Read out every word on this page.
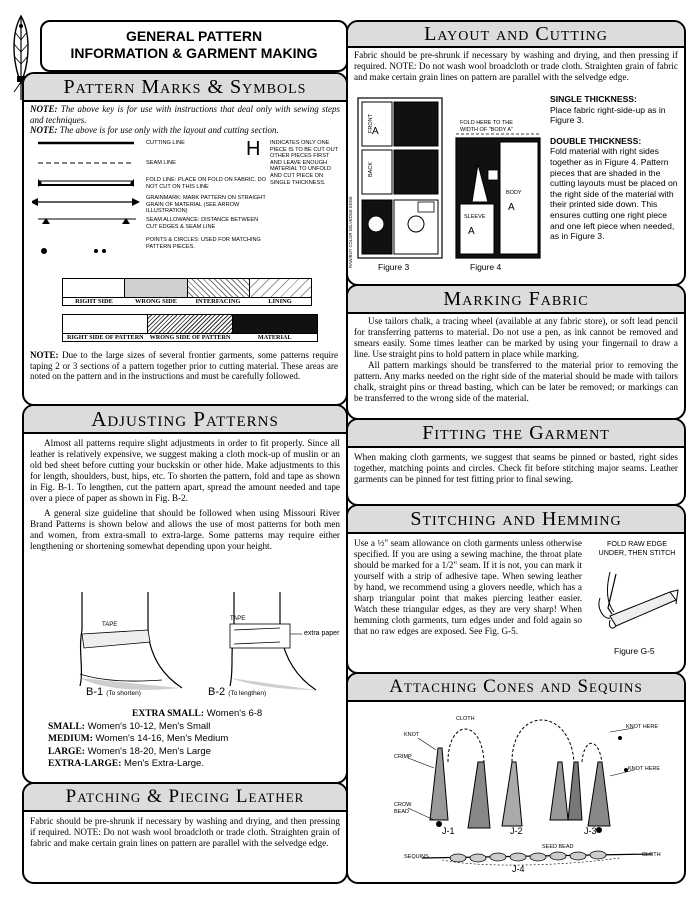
GENERAL PATTERN
INFORMATION & GARMENT MAKING
Pattern Marks & Symbols
NOTE: The above key is for use with instructions that deal only with sewing steps and techniques.
NOTE: The above is for use only with the layout and cutting section.
CUTTING LINE
SEAM LINE
FOLD LINE: PLACE ON FOLD ON FABRIC. DO NOT CUT ON THIS LINE
GRAINMARK: MARK PATTERN ON STRAIGHT GRAIN OF MATERIAL (SEE ARROW ILLUSTRATION)
SEAM ALLOWANCE: DISTANCE BETWEEN CUT EDGES & SEAM LINE
POINTS & CIRCLES: USED FOR MATCHING PATTERN PIECES.
H INDICATES ONLY ONE PIECE IS TO BE CUT OUT OTHER PIECES FIRST AND LEAVE ENOUGH MATERIAL TO UNFOLD AND CUT PIECE ON SINGLE THICKNESS.
RIGHT SIDE	WRONG SIDE	INTERFACING	LINING
RIGHT SIDE OF PATTERN WRONG SIDE OF PATTERN	MATERIAL
NOTE: Due to the large sizes of several frontier garments, some patterns require taping 2 or 3 sections of a pattern together prior to cutting material. These areas are noted on the pattern and in the instructions and must be carefully followed.
Adjusting Patterns

Almost all patterns require slight adjustments in order to fit properly. Since all leather is relatively expensive, we suggest making a cloth mock-up of muslin or an old bed sheet before cutting your buckskin or other hide. Make adjustments to this for length, shoulders, bust, hips, etc. To shorten the pattern, fold and tape as shown in Fig. B-1. To lengthen, cut the pattern apart, spread the amount needed and tape over a piece of paper as shown in Fig. B-2.

A general size guideline that should be followed when using Missouri River Brand Patterns is shown below and allows the use of most patterns for both men and women, from extra-small to extra-large. Some patterns may require either lengthening or shortening somewhat depending upon your height.

TAPE
TAPE
extra paper
B-1 (To shorten)	B-2 (To lengthen)
EXTRA SMALL: Women's 6-8
SMALL: Women's 10-12, Men's Small
MEDIUM: Women's 14-16, Men's Medium
LARGE: Women's 18-20, Men's Large
EXTRA-LARGE: Men's Extra-Large.
Patching & Piecing Leather
Fabric should be pre-shrunk if necessary by washing and drying, and then pressing if required. NOTE: Do not wash wool broadcloth or trade cloth. Straighten grain of fabric and make certain grain lines on pattern are parallel with the selvedge edge.
Layout and Cutting
Fabric should be pre-shrunk if necessary by washing and drying, and then pressing if required. NOTE: Do not wash wool broadcloth or trade cloth. Straighten grain of fabric and make certain grain lines on pattern are parallel with the selvedge edge.
FRONT
BACK
SLEEVE
BODY
A
A
A
FOLD HERE TO THE WIDTH OF "BODY A"
RAW/BUY COLOR SELVEDGE EDGE	Figure 3	Figure 4
SINGLE THICKNESS:
Place fabric right-side-up as in Figure 3.
DOUBLE THICKNESS:
Fold material with right sides together as in Figure 4. Pattern pieces that are shaded in the cutting layouts must be placed on the right side of the material with their printed side down. This ensures cutting one right piece and one left piece when needed, as in Figure 3.
Marking Fabric

Use tailors chalk, a tracing wheel (available at any fabric store), or soft lead pencil for transferring patterns to material. Do not use a pen, as ink cannot be removed and smears easily. Some times leather can be marked by using your fingernail to draw a line. Use straight pins to hold pattern in place while marking.

All pattern markings should be transferred to the material prior to removing the pattern. Any marks needed on the right side of the material should be made with tailors chalk, straight pins or thread basting, which can be later be removed; or markings can be transferred to the wrong side of the material.

Fitting the Garment
When making cloth garments, we suggest that seams be pinned or basted, right sides together, matching points and circles. Check fit before stitching major seams. Leather garments can be pinned for test fitting prior to final sewing.
Stitching and Hemming
Use a ½" seam allowance on cloth garments unless otherwise specified. If you are using a sewing machine, the throat plate should be marked for a 1/2" seam. If it is not, you can mark it yourself with a strip of adhesive tape. When sewing leather by hand, we recommend using a glovers needle, which has a sharp triangular point that makes piercing leather easier. Watch these triangular edges, as they are very sharp! When hemming cloth garments, turn edges under and fold again so that no raw edges are exposed. See Fig. G-5.
FOLD RAW EDGE UNDER, THEN STITCH
Figure G-5
Attaching Cones and Sequins
CLOTH
KNOT
KNOT HERE
CRIMP
KNOT HERE
CROW BEAD
J-1	J-2	J-3
SEED BEAD
SEQUINS	CLOTH
J-4
